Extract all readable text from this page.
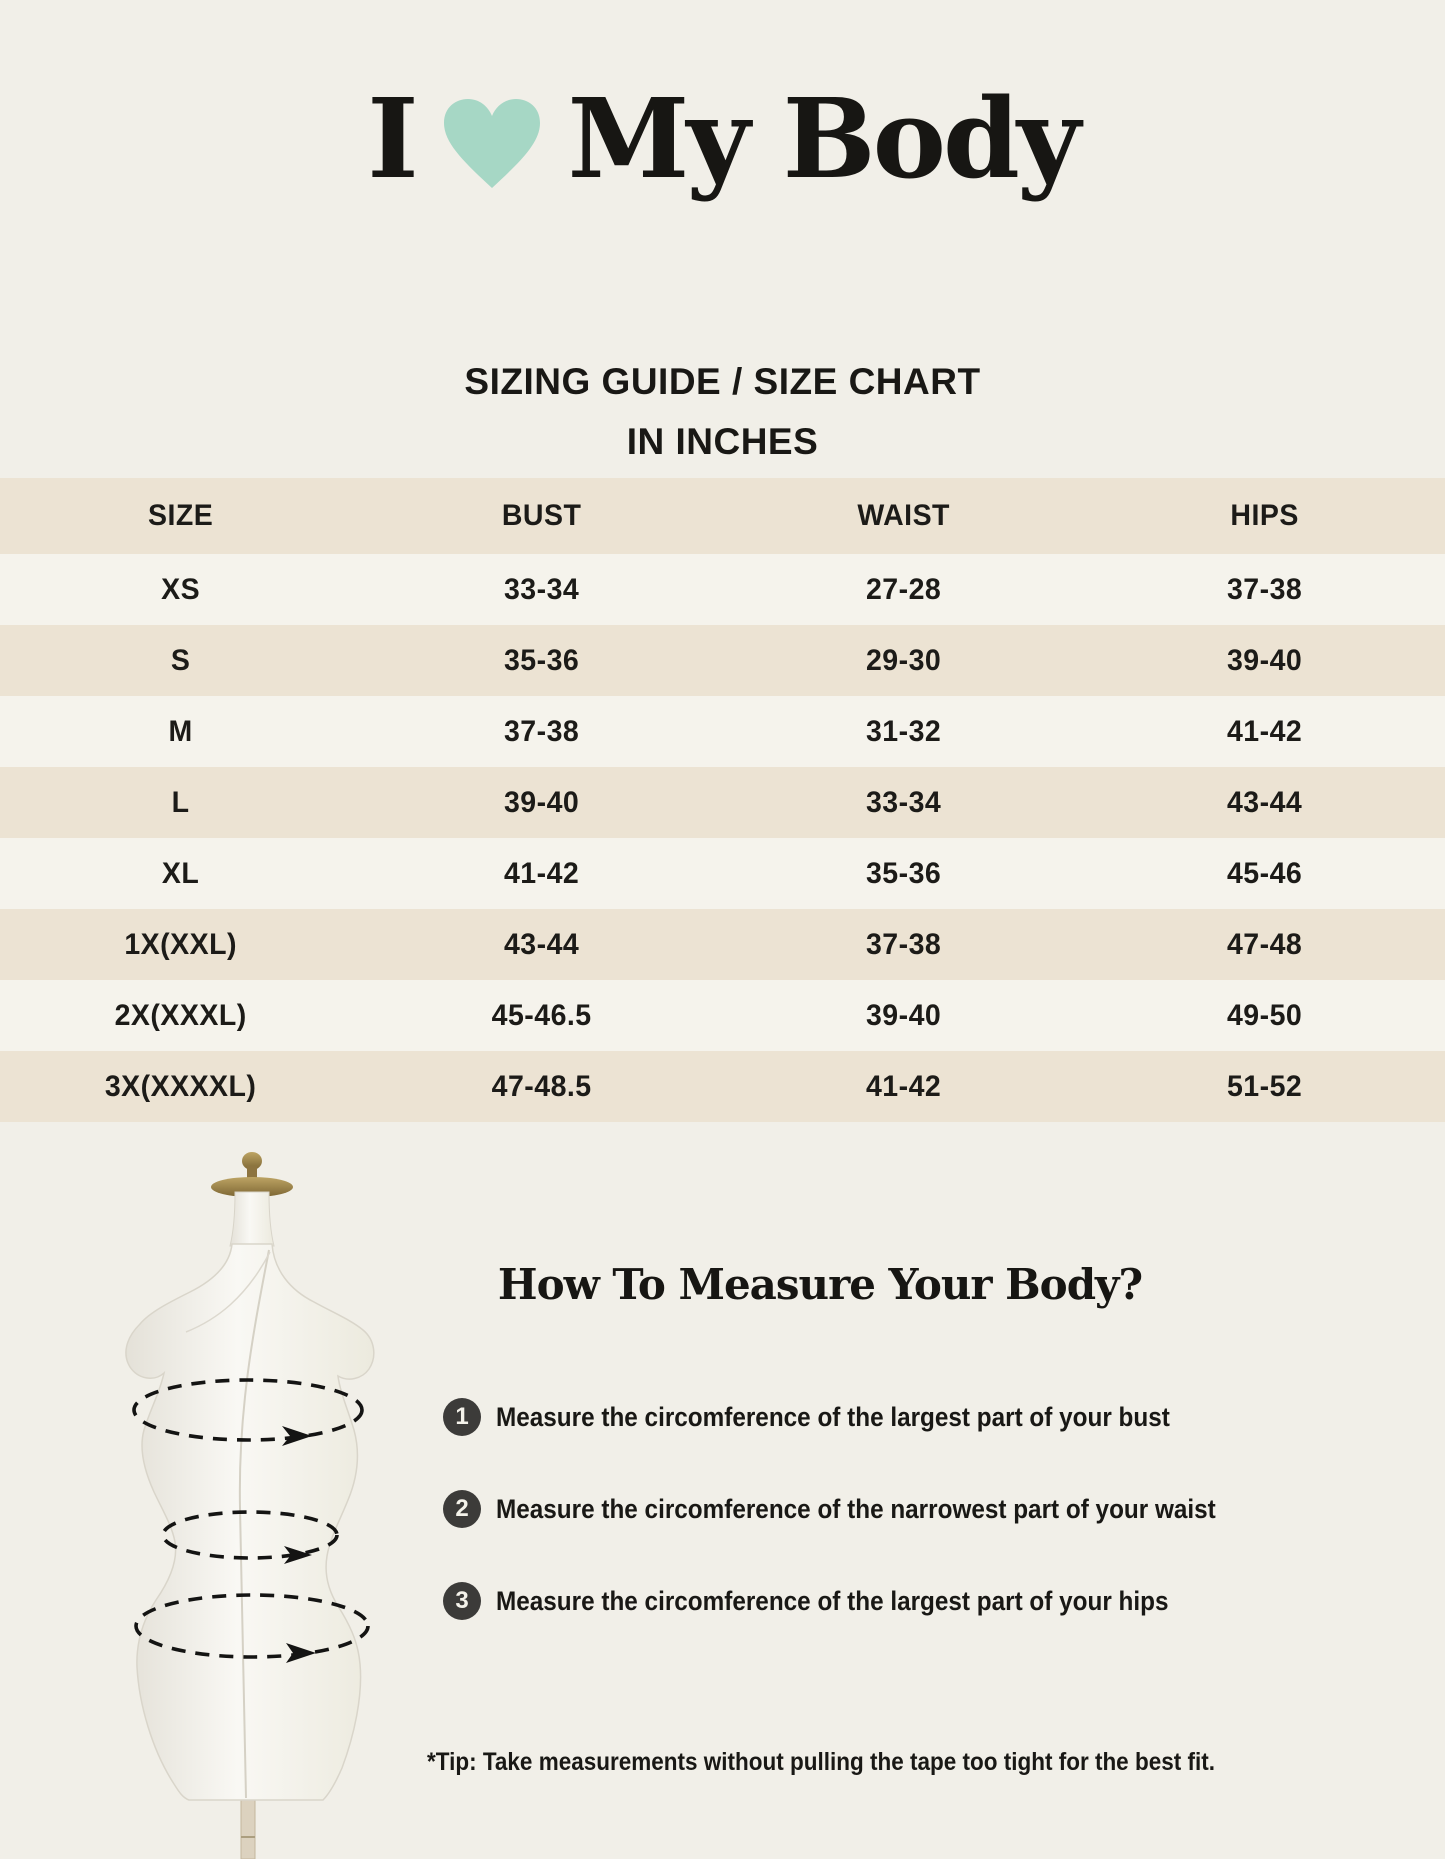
I My Body
SIZING GUIDE / SIZE CHART
IN INCHES
SIZE	BUST	WAIST	HIPS
XS	33-34	27-28	37-38
S	35-36	29-30	39-40
M	37-38	31-32	41-42
L	39-40	33-34	43-44
XL	41-42	35-36	45-46
1X(XXL)	43-44	37-38	47-48
2X(XXXL)	45-46.5	39-40	49-50
3X(XXXXL)	47-48.5	41-42	51-52
How To Measure Your Body?
1	Measure the circomference of the largest part of your bust
2	Measure the circomference of the narrowest part of your waist
3	Measure the circomference of the largest part of your hips
*Tip: Take measurements without pulling the tape too tight for the best fit.
